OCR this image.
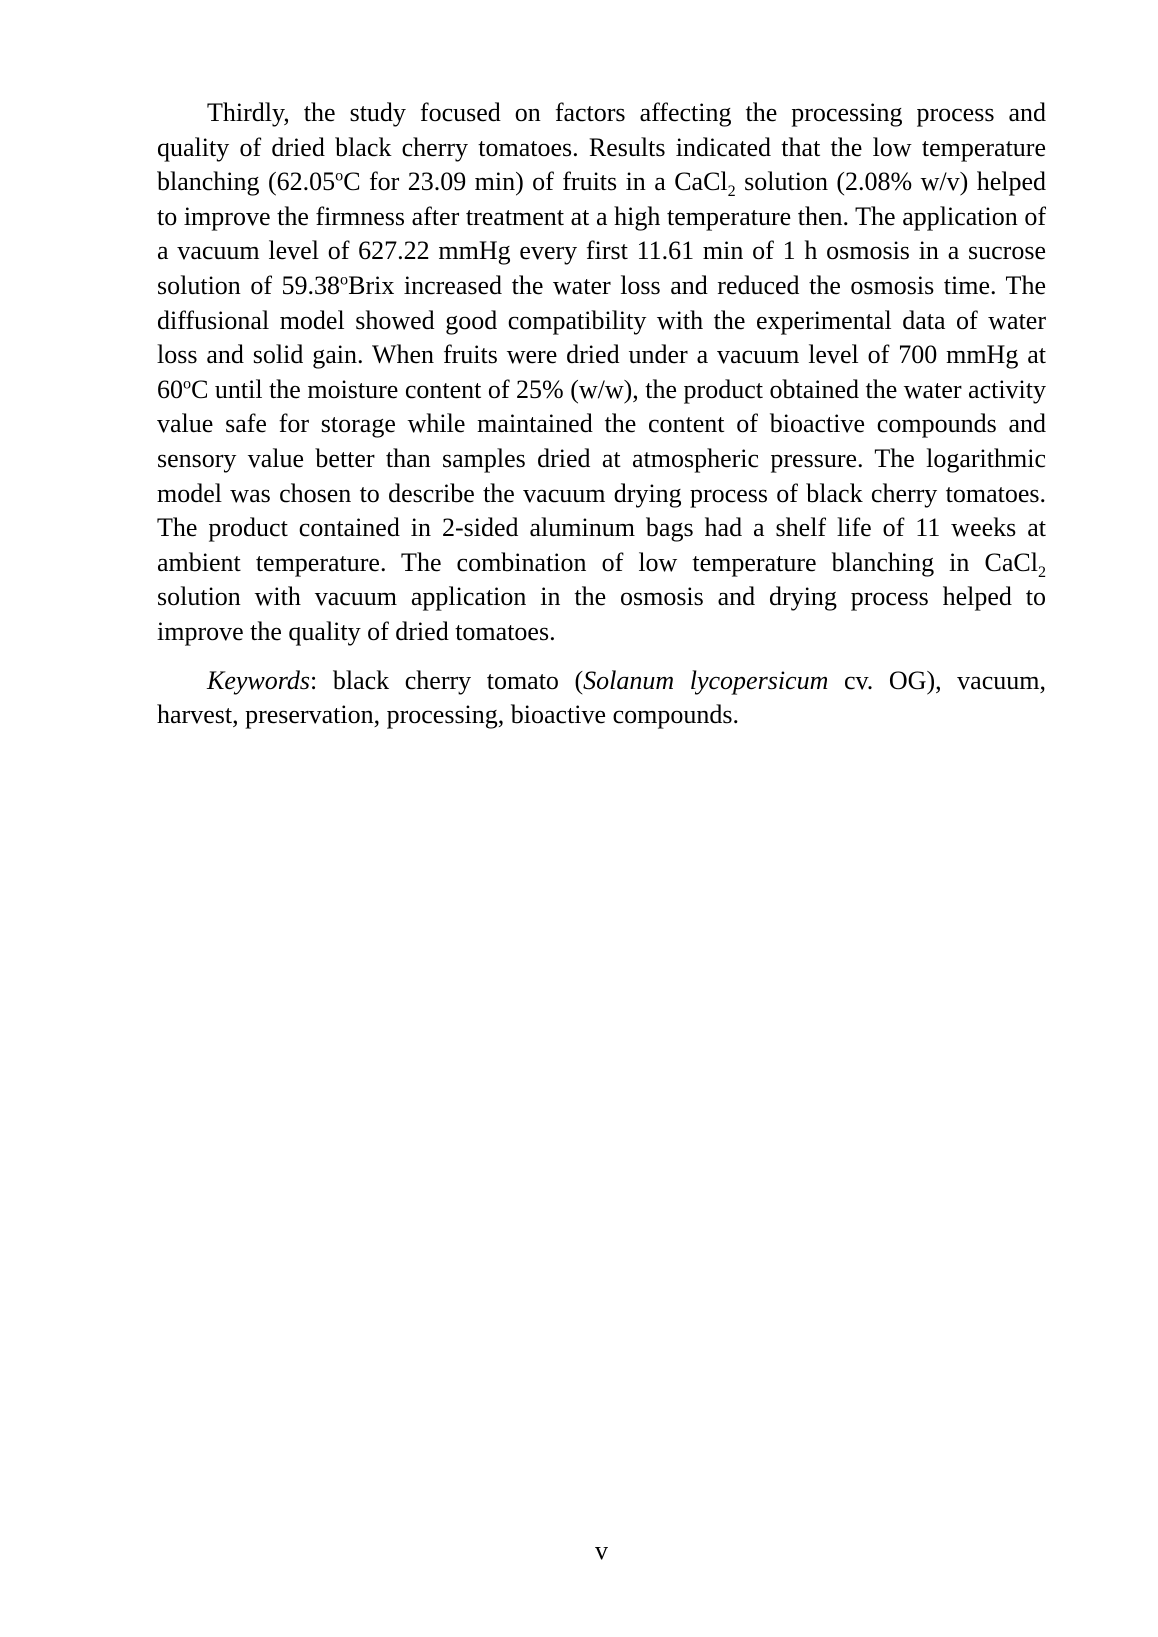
Thirdly, the study focused on factors affecting the processing process and quality of dried black cherry tomatoes. Results indicated that the low temperature blanching (62.05$^o$C for 23.09 min) of fruits in a CaCl$_2$ solution (2.08% w/v) helped to improve the firmness after treatment at a high temperature then. The application of a vacuum level of 627.22 mmHg every first 11.61 min of 1 h osmosis in a sucrose solution of 59.38$^o$Brix increased the water loss and reduced the osmosis time. The diffusional model showed good compatibility with the experimental data of water loss and solid gain. When fruits were dried under a vacuum level of 700 mmHg at 60$^o$C until the moisture content of 25% (w/w), the product obtained the water activity value safe for storage while maintained the content of bioactive compounds and sensory value better than samples dried at atmospheric pressure. The logarithmic model was chosen to describe the vacuum drying process of black cherry tomatoes. The product contained in 2-sided aluminum bags had a shelf life of 11 weeks at ambient temperature. The combination of low temperature blanching in CaCl$_2$ solution with vacuum application in the osmosis and drying process helped to improve the quality of dried tomatoes.

Keywords: black cherry tomato (Solanum lycopersicum cv. OG), vacuum, harvest, preservation, processing, bioactive compounds.

v
